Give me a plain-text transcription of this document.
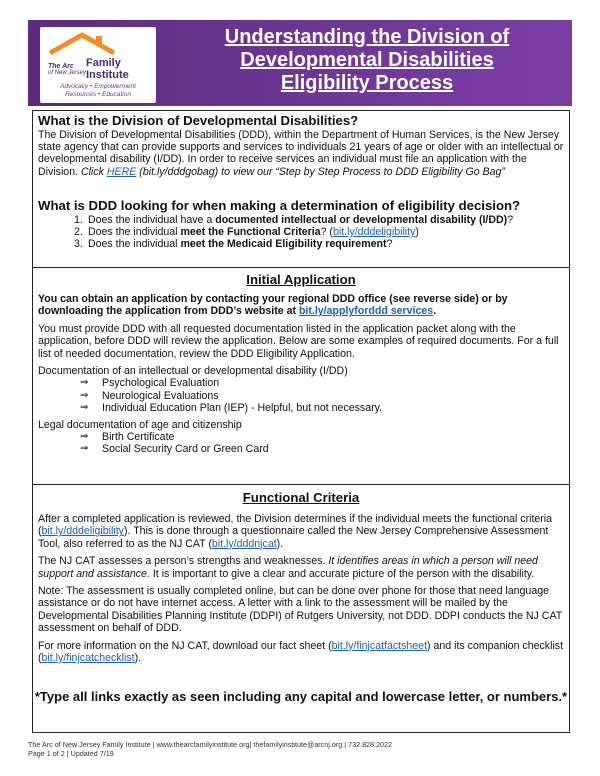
The Arc
of New Jersey
Family
Institute
Advocacy • Empowerment
Resources • Education
Understanding the Division of
Developmental Disabilities
Eligibility Process
What is the Division of Developmental Disabilities?
The Division of Developmental Disabilities (DDD), within the Department of Human Services, is the New Jersey state agency that can provide supports and services to individuals 21 years of age or older with an intellectual or developmental disability (I/DD). In order to receive services an individual must file an application with the Division. Click HERE (bit.ly/dddgobag) to view our “Step by Step Process to DDD Eligibility Go Bag”
What is DDD looking for when making a determination of eligibility decision?
1. Does the individual have a documented intellectual or developmental disability (I/DD)?
2. Does the individual meet the Functional Criteria? (bit.ly/dddeligibility)
3. Does the individual meet the Medicaid Eligibility requirement?
Initial Application
You can obtain an application by contacting your regional DDD office (see reverse side) or by downloading the application from DDD’s website at bit.ly/applyforddd services.
You must provide DDD with all requested documentation listed in the application packet along with the application, before DDD will review the application. Below are some examples of required documents. For a full list of needed documentation, review the DDD Eligibility Application.
Documentation of an intellectual or developmental disability (I/DD)
⇒ Psychological Evaluation
⇒ Neurological Evaluations
⇒ Individual Education Plan (IEP) - Helpful, but not necessary.
Legal documentation of age and citizenship
⇒ Birth Certificate
⇒ Social Security Card or Green Card
Functional Criteria
After a completed application is reviewed, the Division determines if the individual meets the functional criteria (bit.ly/dddeligibility). This is done through a questionnaire called the New Jersey Comprehensive Assessment Tool, also referred to as the NJ CAT (bit.ly/dddnjcat).
The NJ CAT assesses a person’s strengths and weaknesses. It identifies areas in which a person will need support and assistance. It is important to give a clear and accurate picture of the person with the disability.
Note: The assessment is usually completed online, but can be done over phone for those that need language assistance or do not have internet access. A letter with a link to the assessment will be mailed by the Developmental Disabilities Planning Institute (DDPI) of Rutgers University, not DDD. DDPI conducts the NJ CAT assessment on behalf of DDD.
For more information on the NJ CAT, download our fact sheet (bit.ly/finjcatfactsheet) and its companion checklist (bit.ly/finjcatchecklist).
*Type all links exactly as seen including any capital and lowercase letter, or numbers.*
The Arc of New Jersey Family Institute | www.thearcfamilyinstitute.org| thefamilyinstitute@arcnj.org | 732.828.2022
Page 1 of 2 | Updated 7/19
